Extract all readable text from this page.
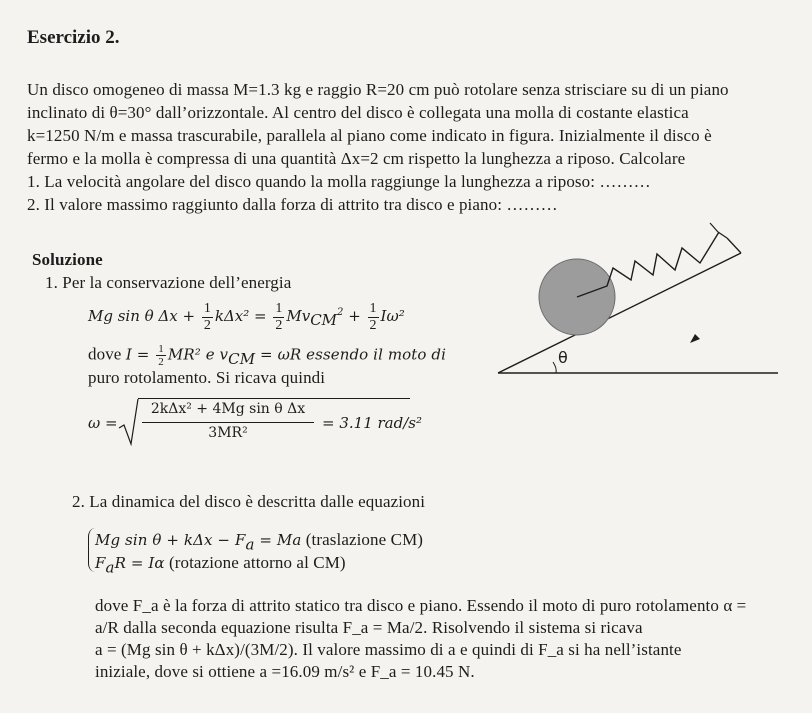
Esercizio 2.
Un disco omogeneo di massa M=1.3 kg e raggio R=20 cm può rotolare senza strisciare su di un piano
inclinato di θ=30° dall’orizzontale. Al centro del disco è collegata una molla di costante elastica
k=1250 N/m e massa trascurabile, parallela al piano come indicato in figura. Inizialmente il disco è
fermo e la molla è compressa di una quantità Δx=2 cm rispetto la lunghezza a riposo. Calcolare
1. La velocità angolare del disco quando la molla raggiunge la lunghezza a riposo: ………
2. Il valore massimo raggiunto dalla forza di attrito tra disco e piano: ………
Soluzione
1. Per la conservazione dell’energia
Mg sin θ $\Delta x + \frac{1}{2} k\Delta x^2 = \frac{1}{2} Mv_{CM}^2 + \frac{1}{2} I\omega^2$
dove $I = \frac{1}{2} MR^2$ e $v_{CM} = \omega R$ essendo il moto di
puro rotolamento. Si ricava quindi
ω =
2kΔx² + 4Mg sin θ Δx
3MR²
= 3.11 rad/s²
2. La dinamica del disco è descritta dalle equazioni
Mg $\sin \theta + k\Delta x - F_a = Ma$ (traslazione CM)
$F_aR = I\alpha$ (rotazione attorno al CM)
dove F_a è la forza di attrito statico tra disco e piano. Essendo il moto di puro rotolamento α =
a/R dalla seconda equazione risulta F_a = Ma/2. Risolvendo il sistema si ricava
a = (Mg sin θ + kΔx)/(3M/2). Il valore massimo di a e quindi di F_a si ha nell’istante
iniziale, dove si ottiene a =16.09 m/s² e F_a = 10.45 N.
θ
